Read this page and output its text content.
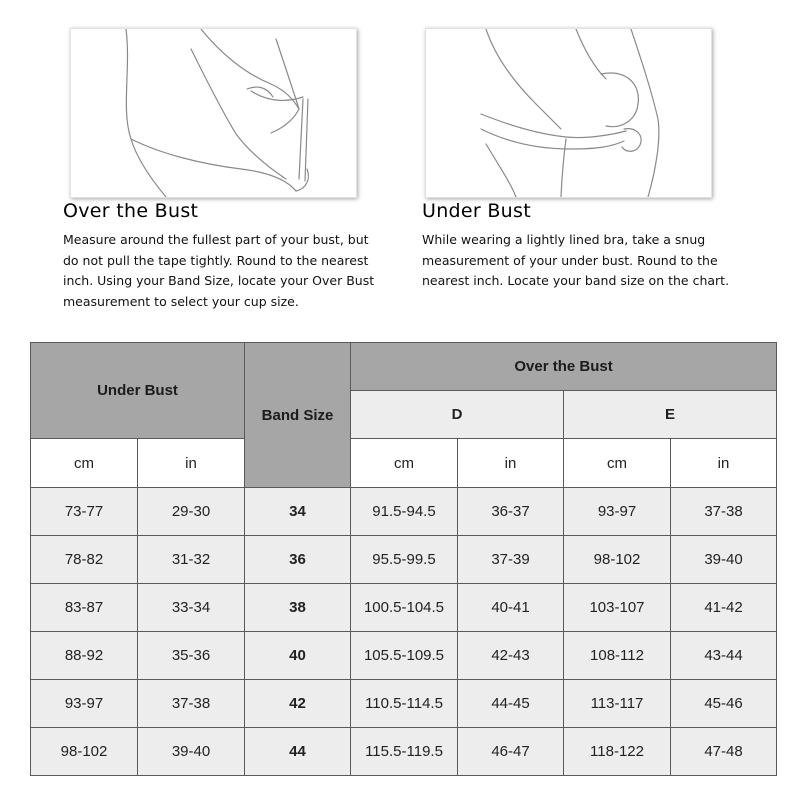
Over the Bust

Measure around the fullest part of your bust, but do not pull the tape tightly. Round to the nearest inch. Using your Band Size, locate your Over Bust measurement to select your cup size.

Under Bust

While wearing a lightly lined bra, take a snug measurement of your under bust. Round to the nearest inch. Locate your band size on the chart.

Under Bust		Band Size	Over the Bust			
			D		E	
cm	in		cm	in	cm	in
73-77	29-30	34	91.5-94.5	36-37	93-97	37-38
78-82	31-32	36	95.5-99.5	37-39	98-102	39-40
83-87	33-34	38	100.5-104.5	40-41	103-107	41-42
88-92	35-36	40	105.5-109.5	42-43	108-112	43-44
93-97	37-38	42	110.5-114.5	44-45	113-117	45-46
98-102	39-40	44	115.5-119.5	46-47	118-122	47-48
